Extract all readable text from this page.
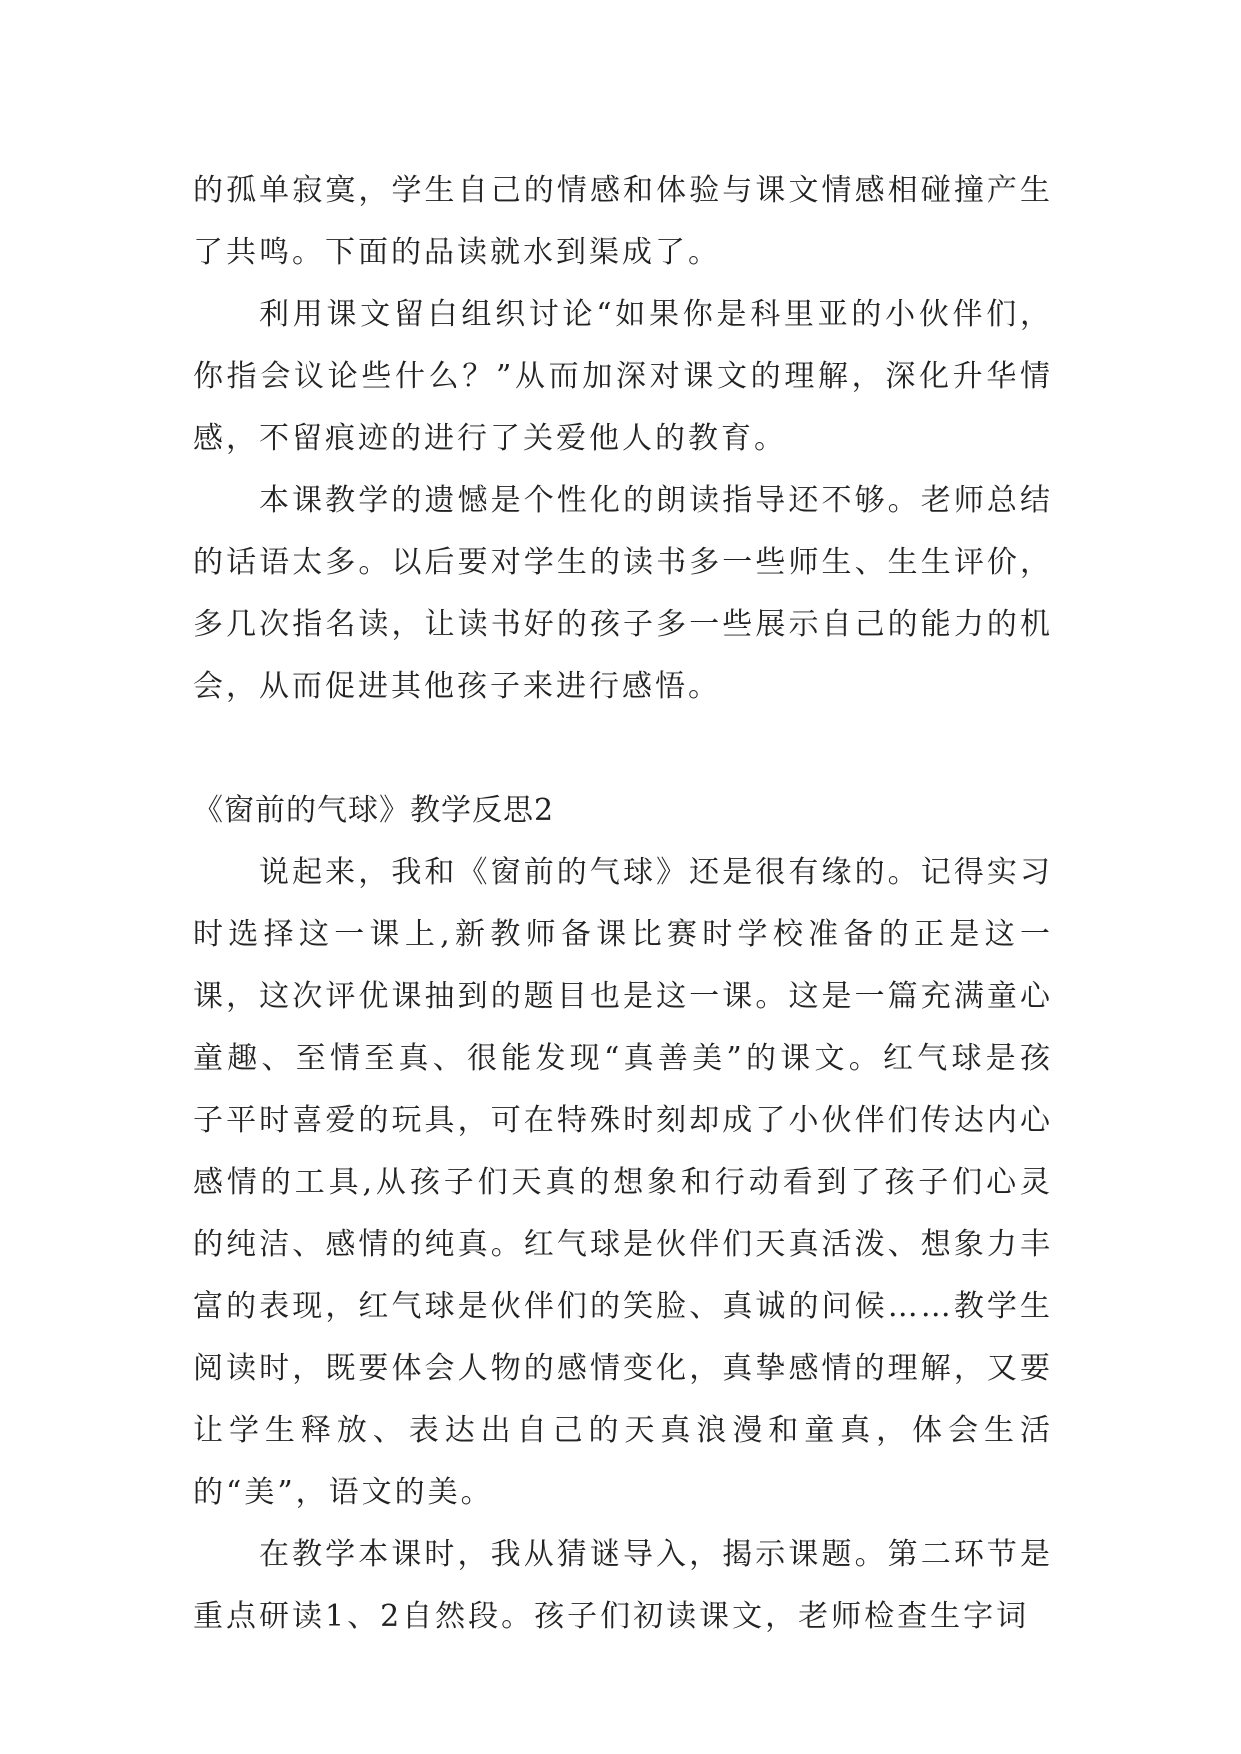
的孤单寂寞，学生自己的情感和体验与课文情感相碰撞产生了共鸣。下面的品读就水到渠成了。

利用课文留白组织讨论“如果你是科里亚的小伙伴们，你指会议论些什么？”从而加深对课文的理解，深化升华情感，不留痕迹的进行了关爱他人的教育。

本课教学的遗憾是个性化的朗读指导还不够。老师总结的话语太多。以后要对学生的读书多一些师生、生生评价，多几次指名读，让读书好的孩子多一些展示自己的能力的机会，从而促进其他孩子来进行感悟。

《窗前的气球》教学反思2

说起来，我和《窗前的气球》还是很有缘的。记得实习时选择这一课上,新教师备课比赛时学校准备的正是这一课，这次评优课抽到的题目也是这一课。这是一篇充满童心童趣、至情至真、很能发现“真善美”的课文。红气球是孩子平时喜爱的玩具，可在特殊时刻却成了小伙伴们传达内心感情的工具,从孩子们天真的想象和行动看到了孩子们心灵的纯洁、感情的纯真。红气球是伙伴们天真活泼、想象力丰富的表现，红气球是伙伴们的笑脸、真诚的问候……教学生阅读时，既要体会人物的感情变化，真挚感情的理解，又要让学生释放、表达出自己的天真浪漫和童真，体会生活的“美”，语文的美。

在教学本课时，我从猜谜导入，揭示课题。第二环节是重点研读1、2自然段。孩子们初读课文，老师检查生字词
